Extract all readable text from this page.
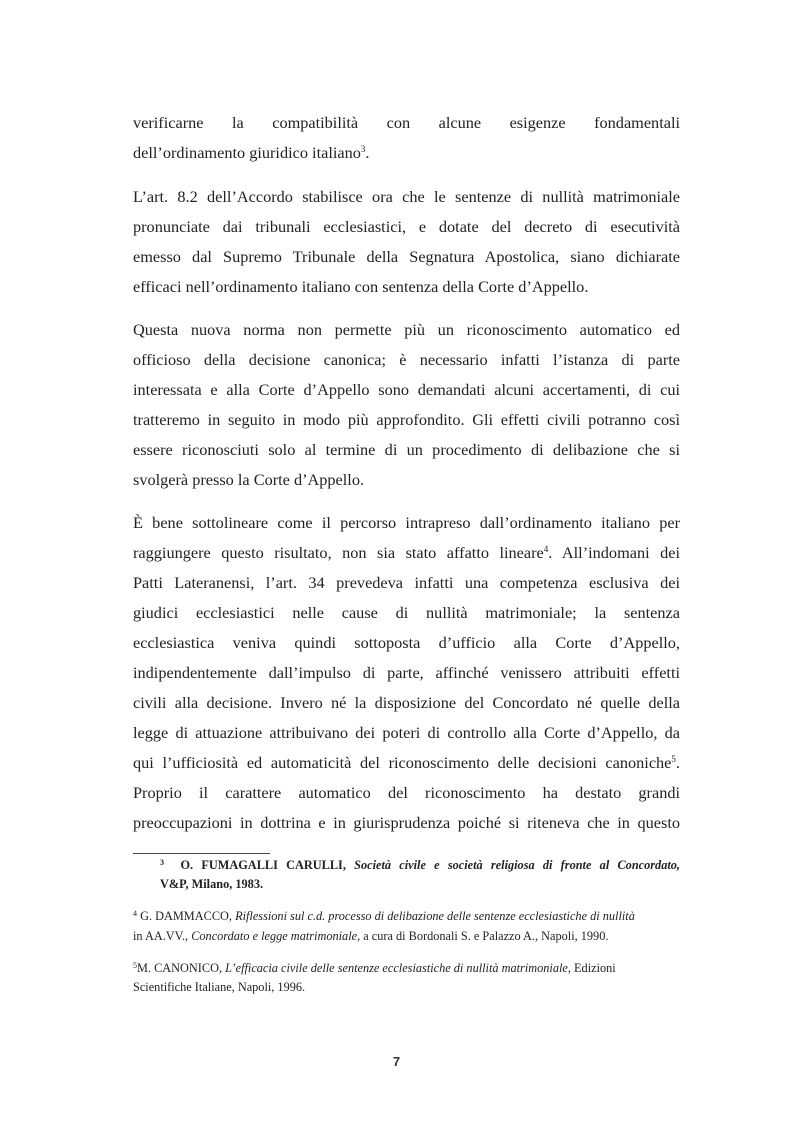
verificarne la compatibilità con alcune esigenze fondamentali
dell’ordinamento giuridico italiano$^3$.
L’art. 8.2 dell’Accordo stabilisce ora che le sentenze di nullità matrimoniale
pronunciate dai tribunali ecclesiastici, e dotate del decreto di esecutività
emesso dal Supremo Tribunale della Segnatura Apostolica, siano dichiarate
efficaci nell’ordinamento italiano con sentenza della Corte d’Appello.
Questa nuova norma non permette più un riconoscimento automatico ed
officioso della decisione canonica; è necessario infatti l’istanza di parte
interessata e alla Corte d’Appello sono demandati alcuni accertamenti, di cui
tratteremo in seguito in modo più approfondito. Gli effetti civili potranno così
essere riconosciuti solo al termine di un procedimento di delibazione che si
svolgerà presso la Corte d’Appello.
È bene sottolineare come il percorso intrapreso dall’ordinamento italiano per
raggiungere questo risultato, non sia stato affatto lineare$^4$. All’indomani dei
Patti Lateranensi, l’art. 34 prevedeva infatti una competenza esclusiva dei
giudici ecclesiastici nelle cause di nullità matrimoniale; la sentenza
ecclesiastica veniva quindi sottoposta d’ufficio alla Corte d’Appello,
indipendentemente dall’impulso di parte, affinché venissero attribuiti effetti
civili alla decisione. Invero né la disposizione del Concordato né quelle della
legge di attuazione attribuivano dei poteri di controllo alla Corte d’Appello, da
qui l’ufficiosità ed automaticità del riconoscimento delle decisioni canoniche$^5$.
Proprio il carattere automatico del riconoscimento ha destato grandi
preoccupazioni in dottrina e in giurisprudenza poiché si riteneva che in questo
$^3$ O. FUMAGALLI CARULLI, Società civile e società religiosa di fronte al Concordato,
V&P, Milano, 1983.
$^4$ G. DAMMACCO, Riflessioni sul c.d. processo di delibazione delle sentenze ecclesiastiche di nullità
in AA.VV., Concordato e legge matrimoniale, a cura di Bordonali S. e Palazzo A., Napoli, 1990.
$^5$M. CANONICO, L’efficacia civile delle sentenze ecclesiastiche di nullità matrimoniale, Edizioni
Scientifiche Italiane, Napoli, 1996.
7
